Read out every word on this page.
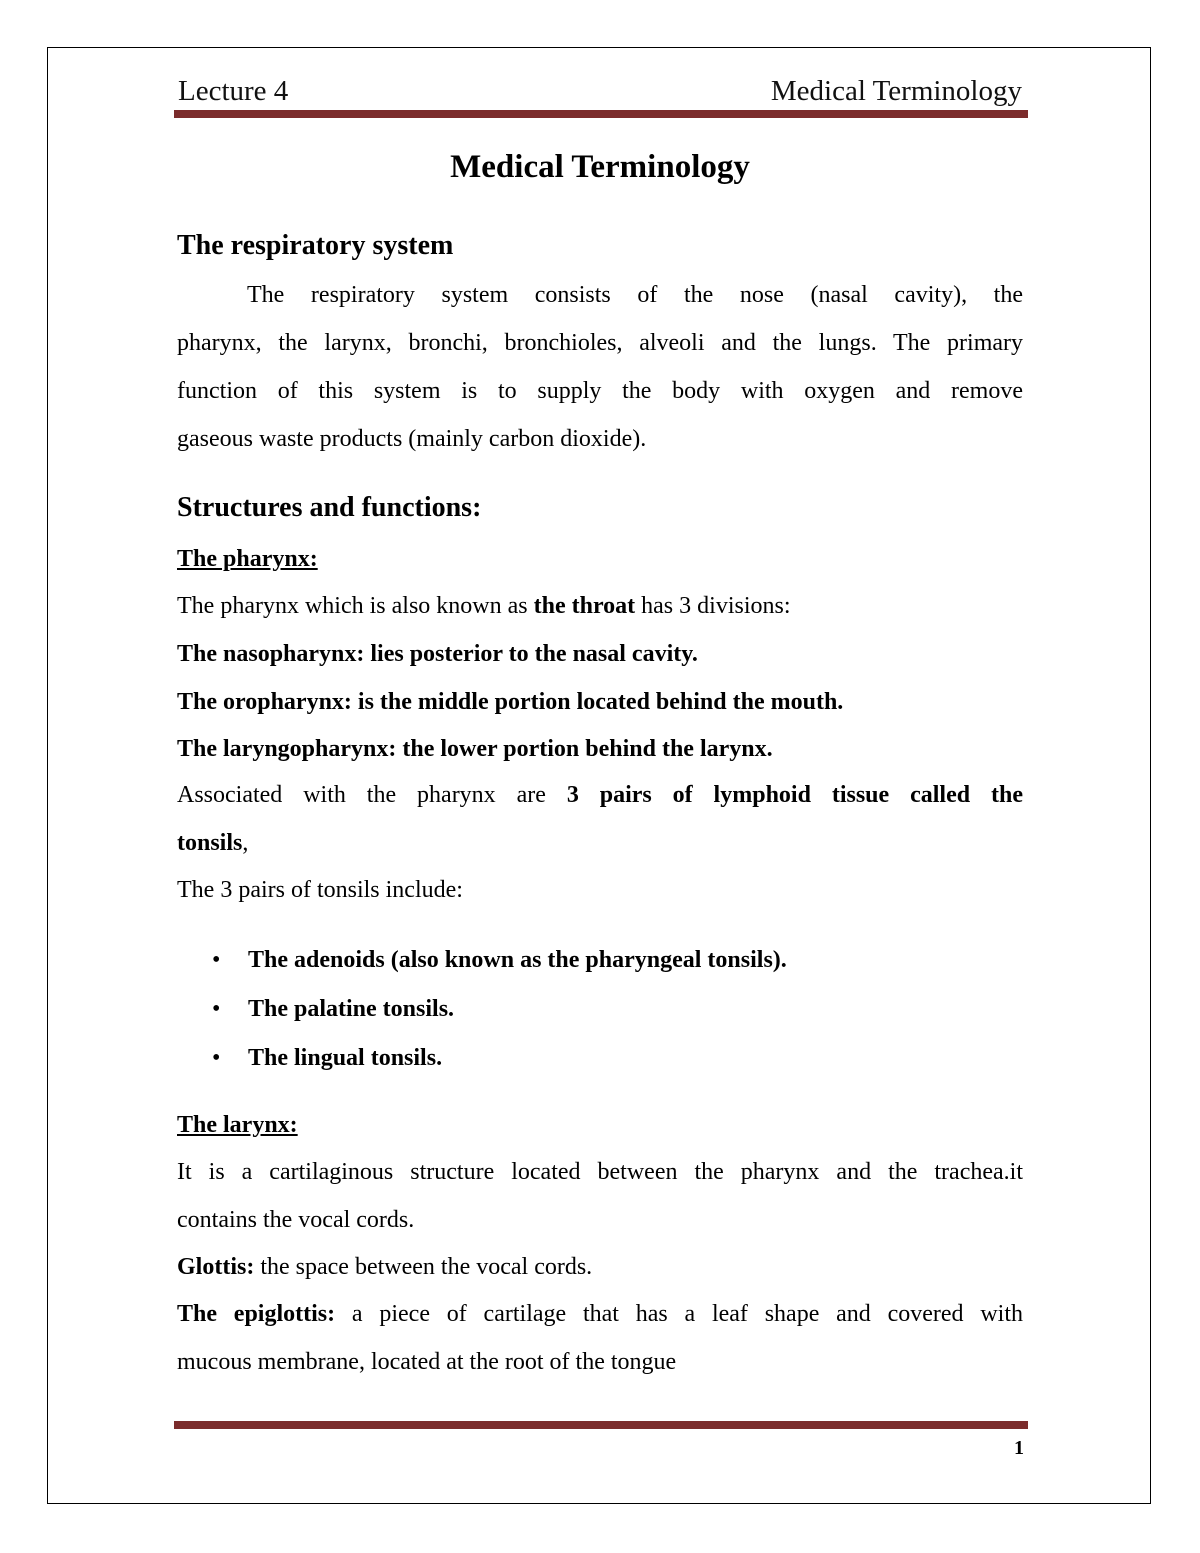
Lecture 4	Medical Terminology
Medical Terminology
The respiratory system
The respiratory system consists of the nose (nasal cavity), the
pharynx, the larynx, bronchi, bronchioles, alveoli and the lungs. The primary
function of this system is to supply the body with oxygen and remove
gaseous waste products (mainly carbon dioxide).
Structures and functions:
The pharynx:
The pharynx which is also known as the throat has 3 divisions:
The nasopharynx: lies posterior to the nasal cavity.
The oropharynx: is the middle portion located behind the mouth.
The laryngopharynx: the lower portion behind the larynx.
Associated with the pharynx are 3 pairs of lymphoid tissue called the
tonsils,
The 3 pairs of tonsils include:
• The adenoids (also known as the pharyngeal tonsils).
• The palatine tonsils.
• The lingual tonsils.
The larynx:
It is a cartilaginous structure located between the pharynx and the trachea.it
contains the vocal cords.
Glottis: the space between the vocal cords.
The epiglottis: a piece of cartilage that has a leaf shape and covered with
mucous membrane, located at the root of the tongue
1
